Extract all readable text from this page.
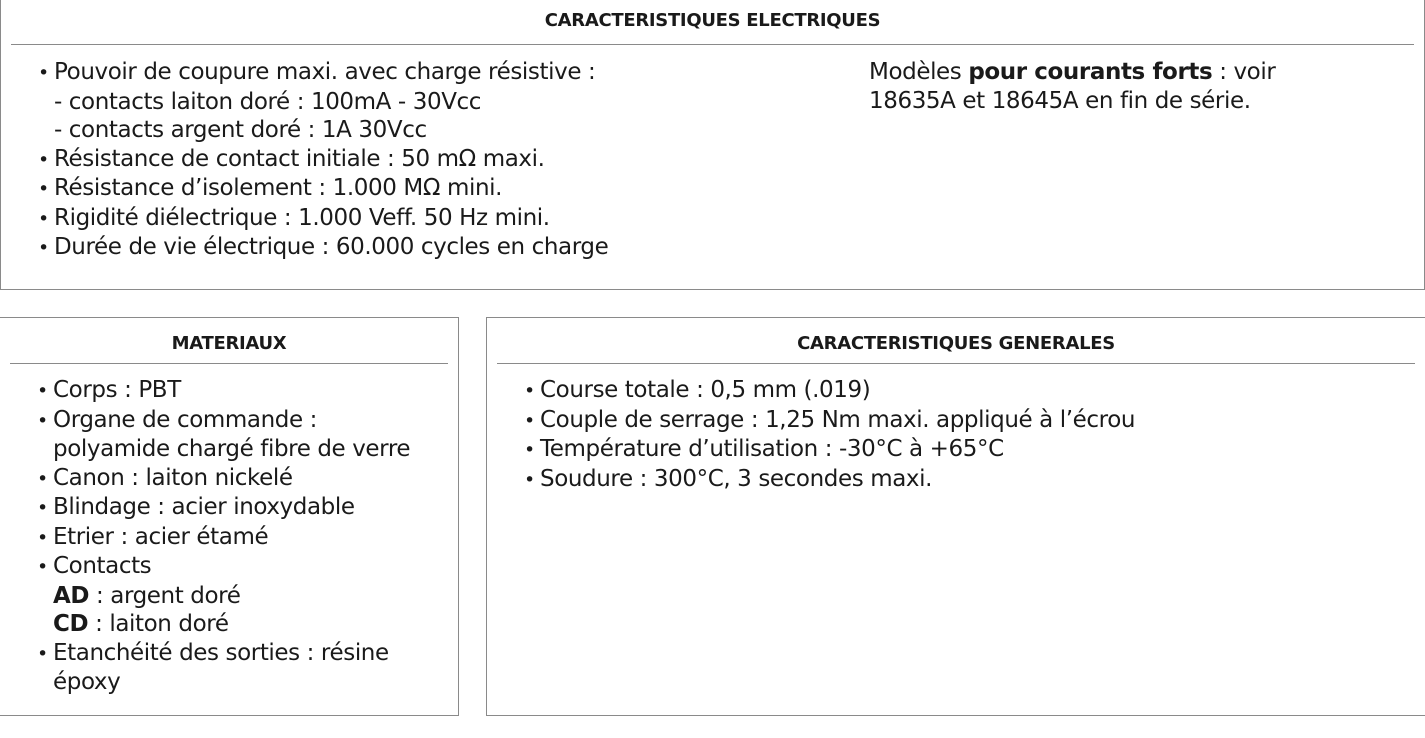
CARACTERISTIQUES ELECTRIQUES
• Pouvoir de coupure maxi. avec charge résistive :
- contacts laiton doré : 100mA - 30Vcc
- contacts argent doré : 1A 30Vcc
• Résistance de contact initiale : 50 mΩ maxi.
• Résistance d’isolement : 1.000 MΩ mini.
• Rigidité diélectrique : 1.000 Veff. 50 Hz mini.
• Durée de vie électrique : 60.000 cycles en charge
Modèles pour courants forts : voir
18635A et 18645A en fin de série.
MATERIAUX
• Corps : PBT
• Organe de commande :
polyamide chargé fibre de verre
• Canon : laiton nickelé
• Blindage : acier inoxydable
• Etrier : acier étamé
• Contacts
AD : argent doré
CD : laiton doré
• Etanchéité des sorties : résine
époxy
CARACTERISTIQUES GENERALES
• Course totale : 0,5 mm (.019)
• Couple de serrage : 1,25 Nm maxi. appliqué à l’écrou
• Température d’utilisation : -30°C à +65°C
• Soudure : 300°C, 3 secondes maxi.
